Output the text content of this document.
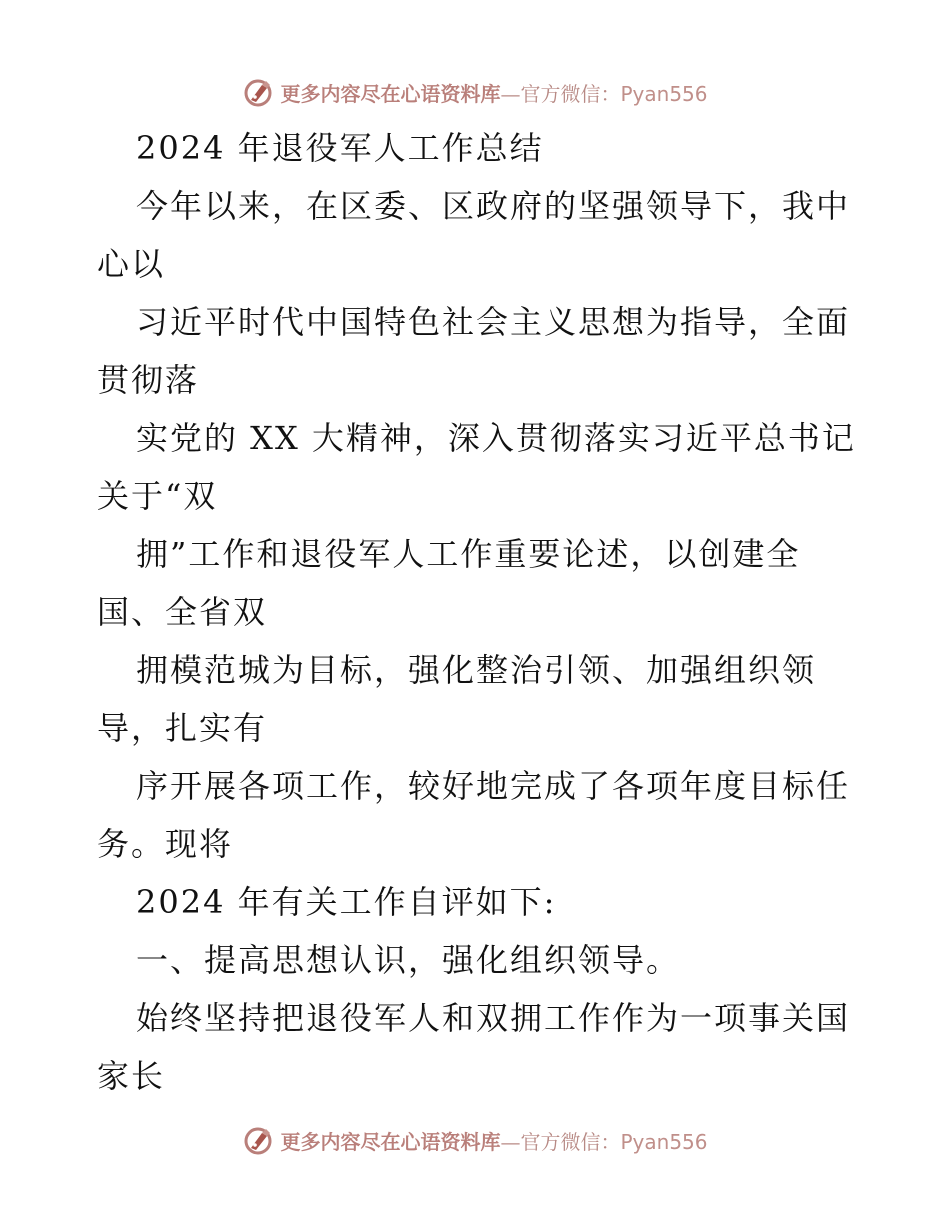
更多内容尽在心语资料库—官方微信：Pyan556
2024 年退役军人工作总结
今年以来，在区委、区政府的坚强领导下，我中
心以
习近平时代中国特色社会主义思想为指导，全面
贯彻落
实党的 XX 大精神，深入贯彻落实习近平总书记
关于“双
拥”工作和退役军人工作重要论述，以创建全
国、全省双
拥模范城为目标，强化整治引领、加强组织领
导，扎实有
序开展各项工作，较好地完成了各项年度目标任
务。现将
2024 年有关工作自评如下:
一、提高思想认识，强化组织领导。
始终坚持把退役军人和双拥工作作为一项事关国
家长
更多内容尽在心语资料库—官方微信：Pyan556
